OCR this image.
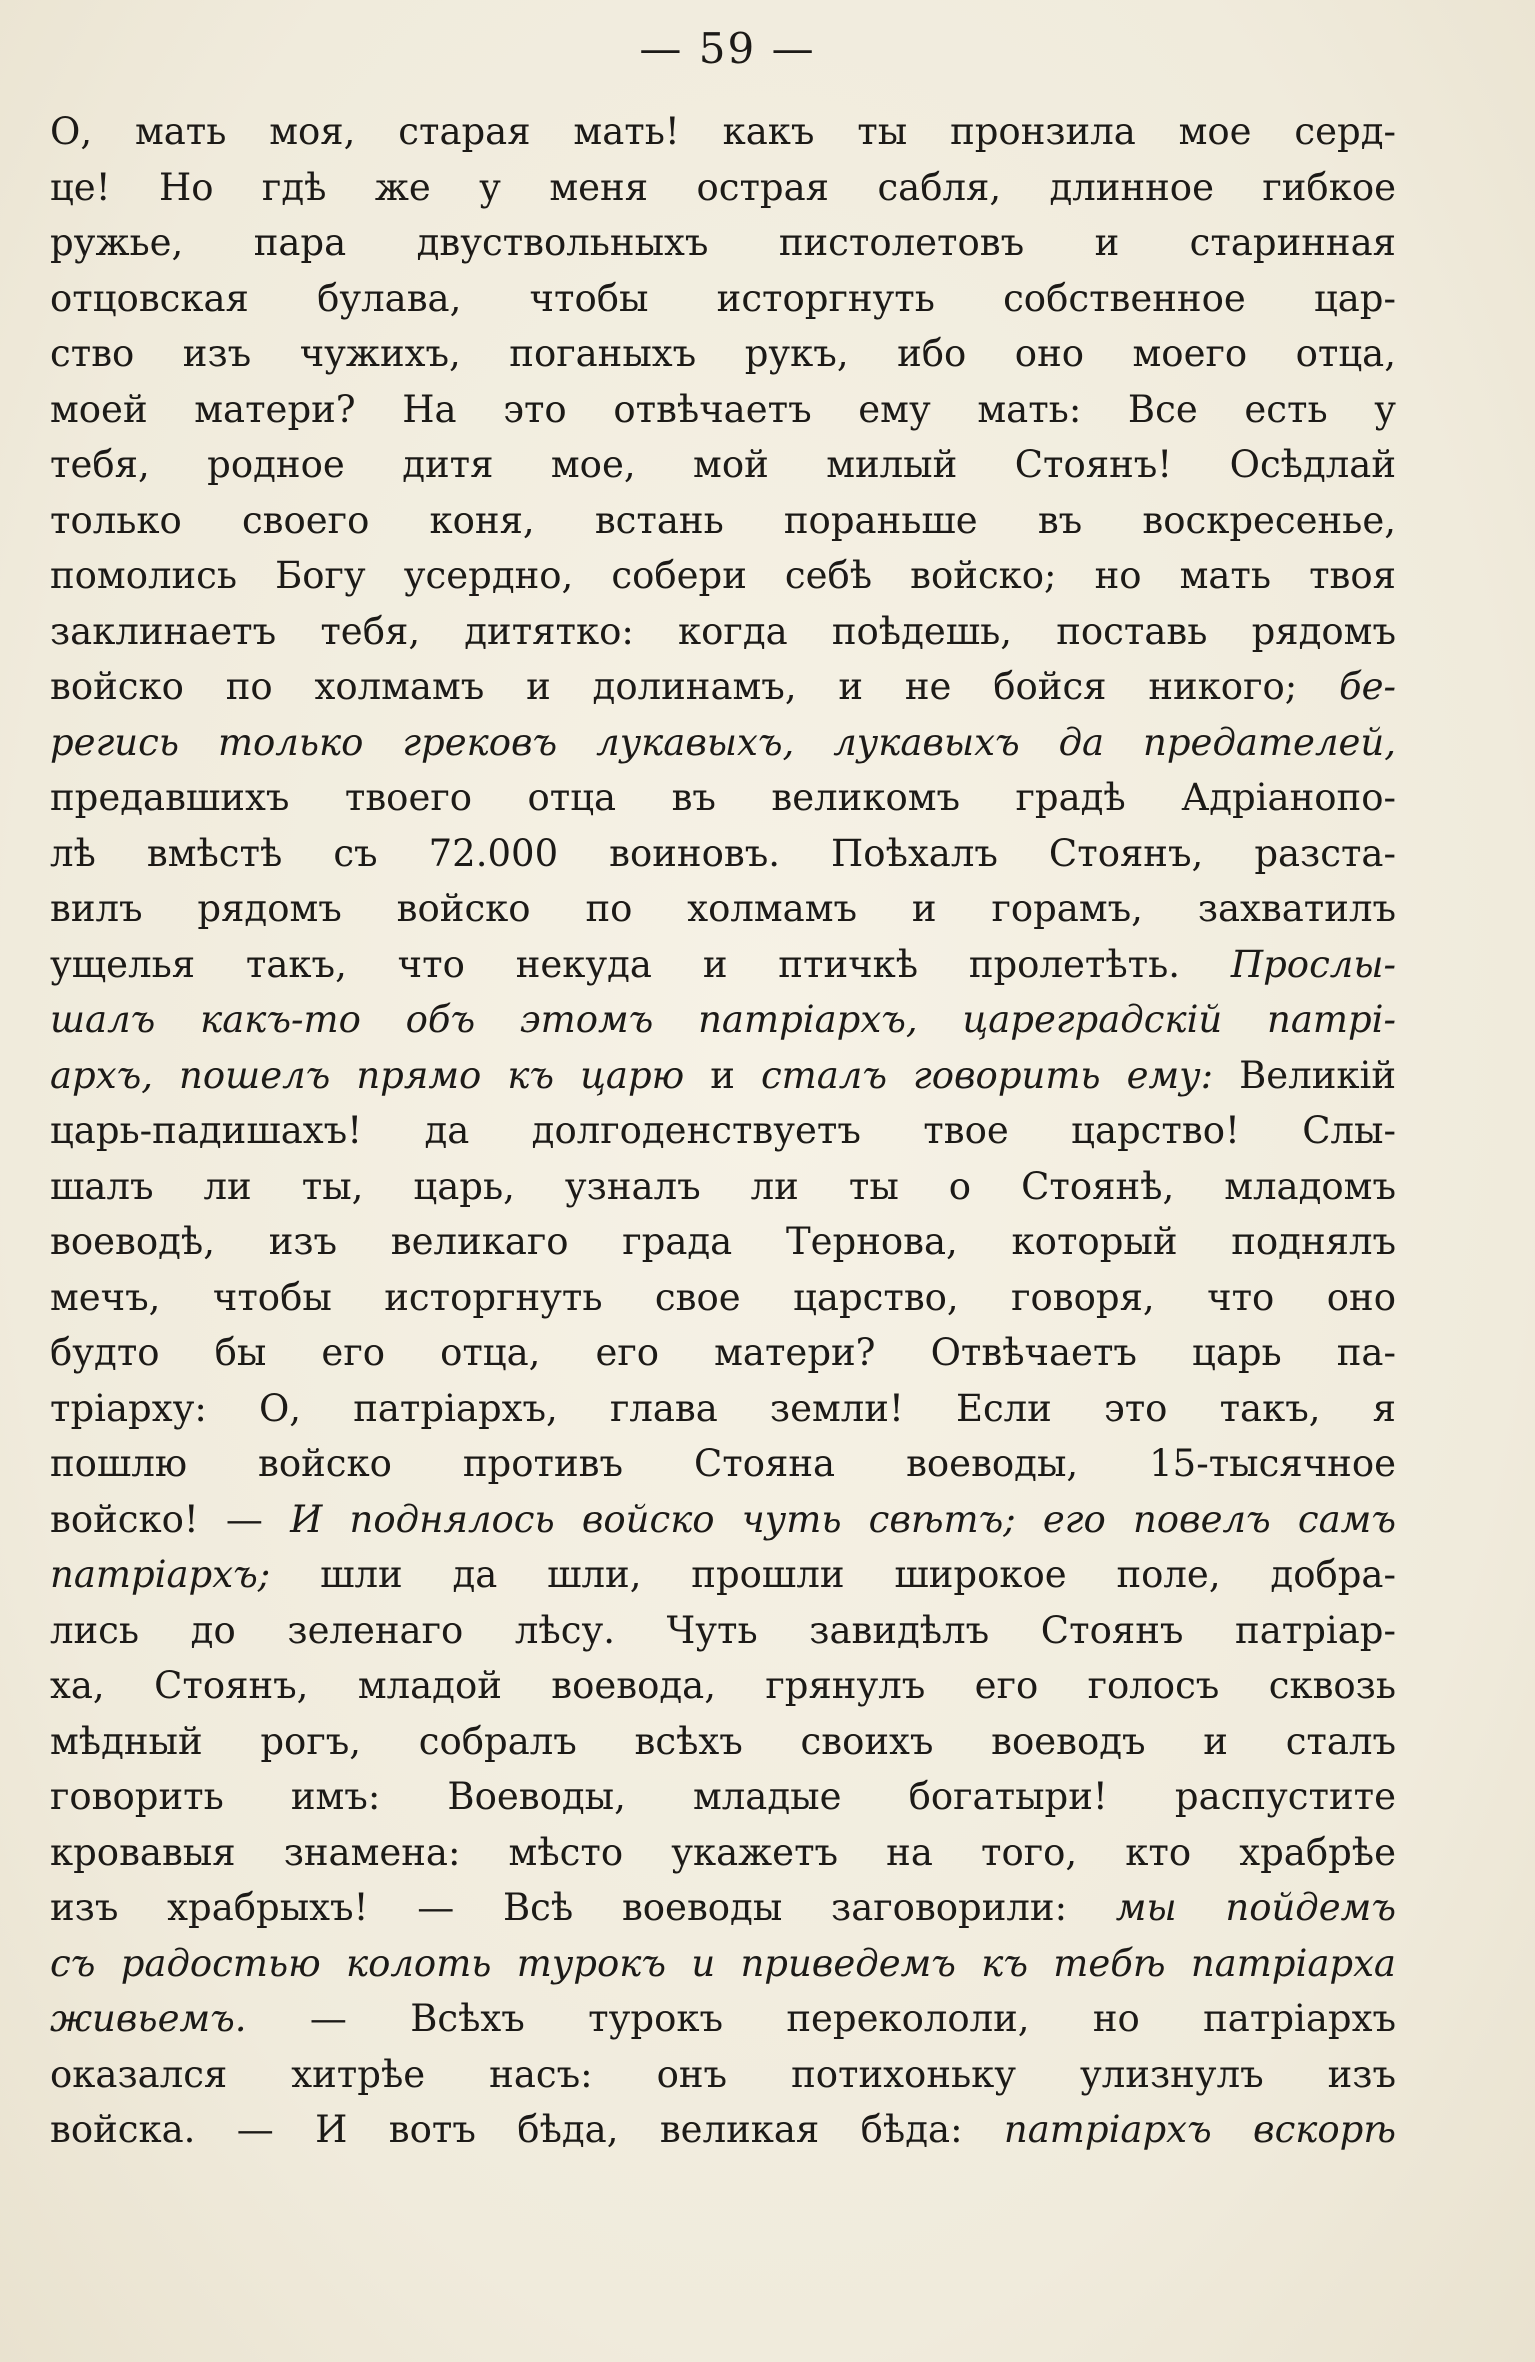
— 59 —
О, мать моя, старая мать! какъ ты пронзила мое серд-
це! Но гдѣ же у меня острая сабля, длинное гибкое
ружье, пара двуствольныхъ пистолетовъ и старинная
отцовская булава, чтобы исторгнуть собственное цар-
ство изъ чужихъ, поганыхъ рукъ, ибо оно моего отца,
моей матери? На это отвѣчаетъ ему мать: Все есть у
тебя, родное дитя мое, мой милый Стоянъ! Осѣдлай
только своего коня, встань пораньше въ воскресенье,
помолись Богу усердно, собери себѣ войско; но мать твоя
заклинаетъ тебя, дитятко: когда поѣдешь, поставь рядомъ
войско по холмамъ и долинамъ, и не бойся никого; бе-
регись только грековъ лукавыхъ, лукавыхъ да предателей,
предавшихъ твоего отца въ великомъ градѣ Адріанопо-
лѣ вмѣстѣ съ 72.000 воиновъ. Поѣхалъ Стоянъ, разста-
вилъ рядомъ войско по холмамъ и горамъ, захватилъ
ущелья такъ, что некуда и птичкѣ пролетѣть. Прослы-
шалъ какъ-то объ этомъ патріархъ, цареградскій патрі-
архъ, пошелъ прямо къ царю и сталъ говорить ему: Великій
царь-падишахъ! да долгоденствуетъ твое царство! Слы-
шалъ ли ты, царь, узналъ ли ты о Стоянѣ, младомъ
воеводѣ, изъ великаго града Тернова, который поднялъ
мечъ, чтобы исторгнуть свое царство, говоря, что оно
будто бы его отца, его матери? Отвѣчаетъ царь па-
тріарху: О, патріархъ, глава земли! Если это такъ, я
пошлю войско противъ Стояна воеводы, 15-тысячное
войско! — И поднялось войско чуть свѣтъ; его повелъ самъ
патріархъ; шли да шли, прошли широкое поле, добра-
лись до зеленаго лѣсу. Чуть завидѣлъ Стоянъ патріар-
ха, Стоянъ, младой воевода, грянулъ его голосъ сквозь
мѣдный рогъ, собралъ всѣхъ своихъ воеводъ и сталъ
говорить имъ: Воеводы, младые богатыри! распустите
кровавыя знамена: мѣсто укажетъ на того, кто храбрѣе
изъ храбрыхъ! — Всѣ воеводы заговорили: мы пойдемъ
съ радостью колоть турокъ и приведемъ къ тебѣ патріарха
живьемъ. — Всѣхъ турокъ перекололи, но патріархъ
оказался хитрѣе насъ: онъ потихоньку улизнулъ изъ
войска. — И вотъ бѣда, великая бѣда: патріархъ вскорѣ
